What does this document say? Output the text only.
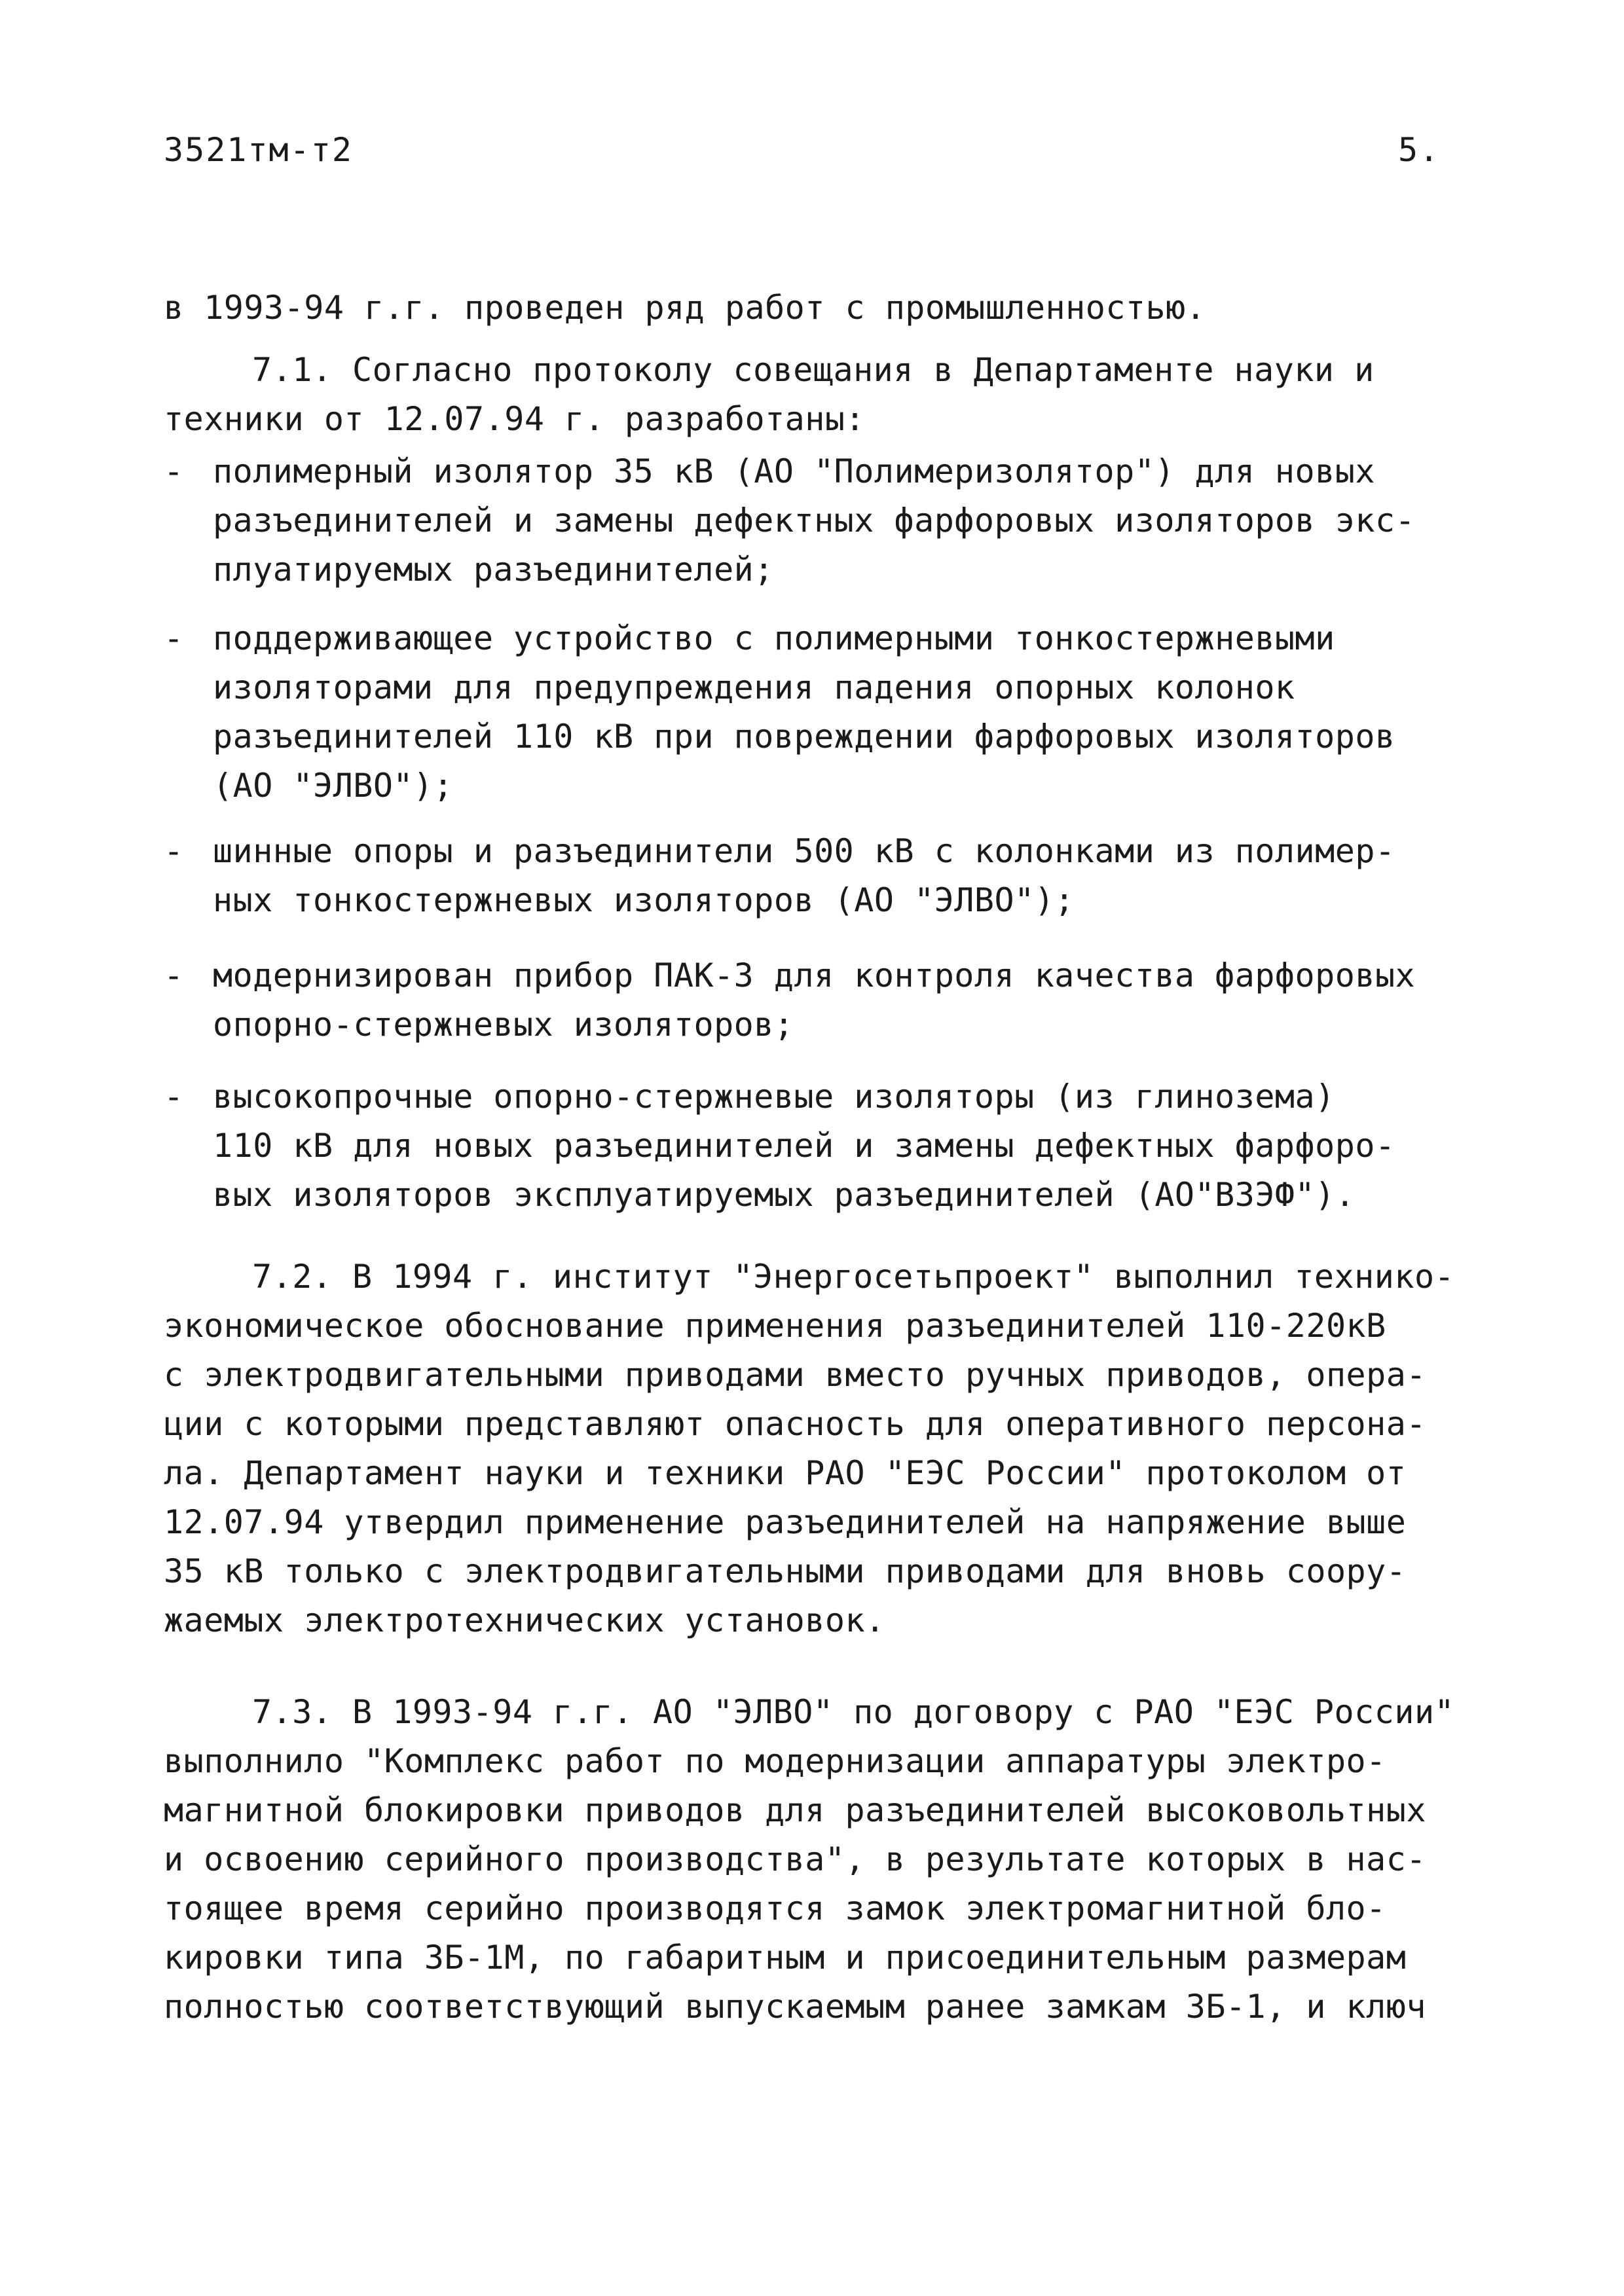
3521тм-т2	5.
в 1993-94 г.г. проведен ряд работ с промышленностью.
7.1. Согласно протоколу совещания в Департаменте науки и
техники от 12.07.94 г. разработаны:
- полимерный изолятор 35 кВ (АО "Полимеризолятор") для новых
разъединителей и замены дефектных фарфоровых изоляторов экс-
плуатируемых разъединителей;
- поддерживающее устройство с полимерными тонкостержневыми
изоляторами для предупреждения падения опорных колонок
разъединителей 110 кВ при повреждении фарфоровых изоляторов
(АО "ЭЛВО");
- шинные опоры и разъединители 500 кВ с колонками из полимер-
ных тонкостержневых изоляторов (АО "ЭЛВО");
- модернизирован прибор ПАК-3 для контроля качества фарфоровых
опорно-стержневых изоляторов;
- высокопрочные опорно-стержневые изоляторы (из глинозема)
110 кВ для новых разъединителей и замены дефектных фарфоро-
вых изоляторов эксплуатируемых разъединителей (АО"ВЗЭФ").
7.2. В 1994 г. институт "Энергосетьпроект" выполнил технико-
экономическое обоснование применения разъединителей 110-220кВ
с электродвигательными приводами вместо ручных приводов, опера-
ции с которыми представляют опасность для оперативного персона-
ла. Департамент науки и техники РАО "ЕЭС России" протоколом от
12.07.94 утвердил применение разъединителей на напряжение выше
35 кВ только с электродвигательными приводами для вновь соору-
жаемых электротехнических установок.
7.3. В 1993-94 г.г. АО "ЭЛВО" по договору с РАО "ЕЭС России"
выполнило "Комплекс работ по модернизации аппаратуры электро-
магнитной блокировки приводов для разъединителей высоковольтных
и освоению серийного производства", в результате которых в нас-
тоящее время серийно производятся замок электромагнитной бло-
кировки типа ЗБ-1М, по габаритным и присоединительным размерам
полностью соответствующий выпускаемым ранее замкам ЗБ-1, и ключ
